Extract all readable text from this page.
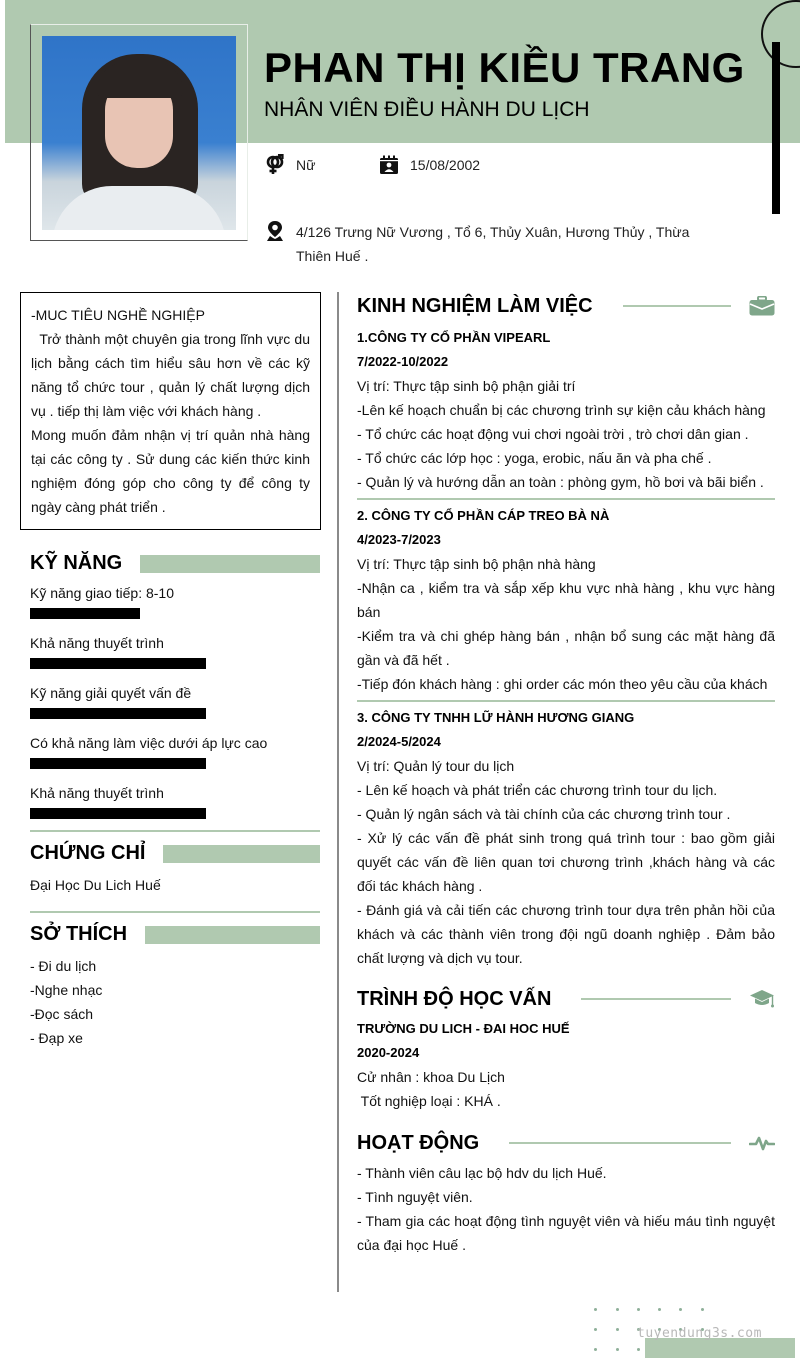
PHAN THỊ KIỀU TRANG
NHÂN VIÊN ĐIỀU HÀNH DU LỊCH
Nữ	15/08/2002
4/126 Trưng Nữ Vương , Tổ 6, Thủy Xuân, Hương Thủy , Thừa Thiên Huế .

-MUC TIÊU NGHỀ NGHIỆP

Trở thành một chuyên gia trong lĩnh vực du lịch bằng cách tìm hiểu sâu hơn về các kỹ năng tổ chức tour , quản lý chất lượng dịch vụ . tiếp thị làm việc với khách hàng .

Mong muốn đảm nhận vị trí quản nhà hàng tại các công ty . Sử dung các kiến thức kinh nghiệm đóng góp cho công ty để công ty ngày càng phát triển .

KỸ NĂNG
Kỹ năng giao tiếp: 8-10
Khả năng thuyết trình
Kỹ năng giải quyết vấn đề
Có khả năng làm việc dưới áp lực cao
Khả năng thuyết trình
CHỨNG CHỈ
Đại Học Du Lich Huế
SỞ THÍCH
- Đi du lịch
-Nghe nhạc
-Đọc sách
- Đạp xe
KINH NGHIỆM LÀM VIỆC
1.CÔNG TY CỔ PHẦN VIPEARL
7/2022-10/2022
Vị trí: Thực tập sinh bộ phận giải trí
-Lên kế hoạch chuẩn bị các chương trình sự kiện cảu khách hàng
- Tổ chức các hoạt động vui chơi ngoài trời , trò chơi dân gian .
- Tổ chức các lớp học : yoga, erobic, nấu ăn và pha chế .
- Quản lý và hướng dẫn an toàn : phòng gym, hồ bơi và bãi biển .
2. CÔNG TY CỔ PHẦN CÁP TREO BÀ NÀ
4/2023-7/2023
Vị trí: Thực tập sinh bộ phận nhà hàng
-Nhận ca , kiểm tra và sắp xếp khu vực nhà hàng , khu vực hàng bán
-Kiểm tra và chi ghép hàng bán , nhận bổ sung các mặt hàng đã gần và đã hết .
-Tiếp đón khách hàng : ghi order các món theo yêu cầu của khách
3. CÔNG TY TNHH LỮ HÀNH HƯƠNG GIANG
2/2024-5/2024
Vị trí: Quản lý tour du lịch
- Lên kế hoạch và phát triển các chương trình tour du lịch.
- Quản lý ngân sách và tài chính của các chương trình tour .
- Xử lý các vấn đề phát sinh trong quá trình tour : bao gồm giải quyết các vấn đề liên quan tơi chương trình ,khách hàng và các đối tác khách hàng .
- Đánh giá và cải tiến các chương trình tour dựa trên phản hồi của khách và các thành viên trong đội ngũ doanh nghiệp . Đảm bảo chất lượng và dịch vụ tour.
TRÌNH ĐỘ HỌC VẤN
TRƯỜNG DU LICH - ĐAI HOC HUẾ
2020-2024
Cử nhân : khoa Du Lịch
Tốt nghiệp loại : KHÁ .
HOẠT ĐỘNG
- Thành viên câu lạc bộ hdv du lịch Huế.
- Tình nguyệt viên.
- Tham gia các hoạt động tình nguyệt viên và hiếu máu tình nguyệt của đại học Huế .
tuyendung3s.com
